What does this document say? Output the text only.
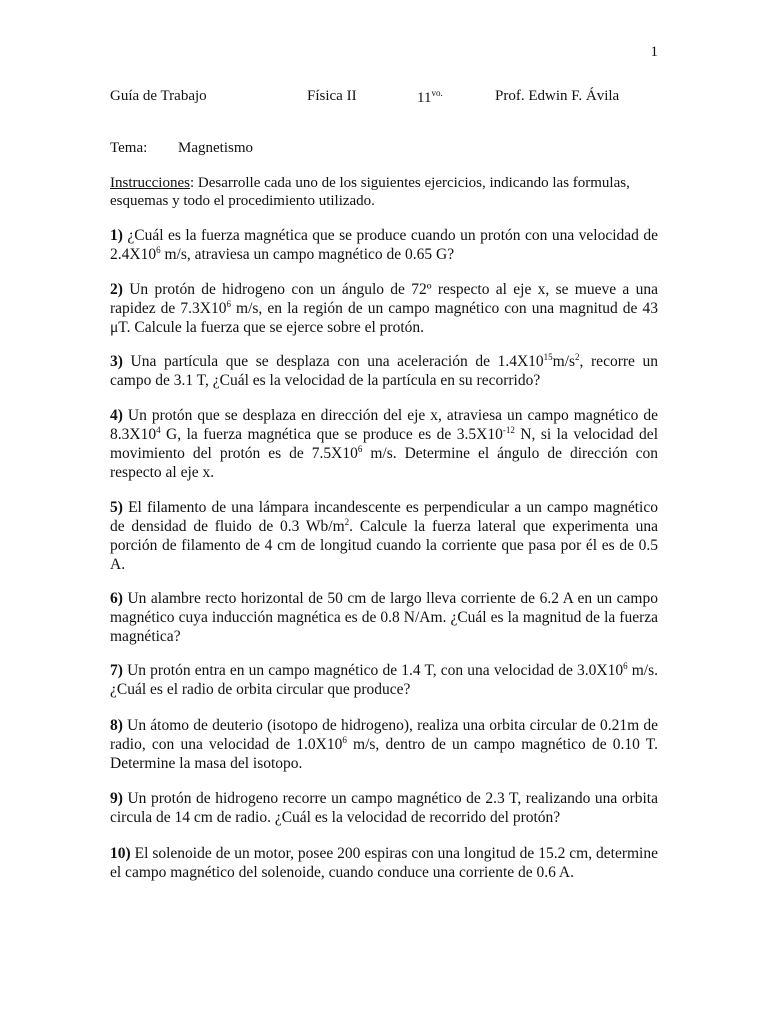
1
Guía de Trabajo	Física II	$11^{vo.}$	Prof. Edwin F. Ávila
Tema: Magnetismo
Instrucciones: Desarrolle cada uno de los siguientes ejercicios, indicando las formulas, esquemas y todo el procedimiento utilizado.
1) ¿Cuál es la fuerza magnética que se produce cuando un protón con una velocidad de $2.4X10^6$ m/s, atraviesa un campo magnético de 0.65 G?
2) Un protón de hidrogeno con un ángulo de 72º respecto al eje x, se mueve a una rapidez de $7.3X10^6$ m/s, en la región de un campo magnético con una magnitud de 43 μT. Calcule la fuerza que se ejerce sobre el protón.
3) Una partícula que se desplaza con una aceleración de $1.4X10^{15}m/s^2$, recorre un campo de 3.1 T, ¿Cuál es la velocidad de la partícula en su recorrido?
4) Un protón que se desplaza en dirección del eje x, atraviesa un campo magnético de $8.3X10^4$ G, la fuerza magnética que se produce es de $3.5X10^{-12}$ N, si la velocidad del movimiento del protón es de $7.5X10^6$ m/s. Determine el ángulo de dirección con respecto al eje x.
5) El filamento de una lámpara incandescente es perpendicular a un campo magnético de densidad de fluido de 0.3 $Wb/m^2$. Calcule la fuerza lateral que experimenta una porción de filamento de 4 cm de longitud cuando la corriente que pasa por él es de 0.5 A.
6) Un alambre recto horizontal de 50 cm de largo lleva corriente de 6.2 A en un campo magnético cuya inducción magnética es de 0.8 N/Am. ¿Cuál es la magnitud de la fuerza magnética?
7) Un protón entra en un campo magnético de 1.4 T, con una velocidad de $3.0X10^6$ m/s. ¿Cuál es el radio de orbita circular que produce?
8) Un átomo de deuterio (isotopo de hidrogeno), realiza una orbita circular de 0.21m de radio, con una velocidad de $1.0X10^6$ m/s, dentro de un campo magnético de 0.10 T. Determine la masa del isotopo.
9) Un protón de hidrogeno recorre un campo magnético de 2.3 T, realizando una orbita circula de 14 cm de radio. ¿Cuál es la velocidad de recorrido del protón?
10) El solenoide de un motor, posee 200 espiras con una longitud de 15.2 cm, determine el campo magnético del solenoide, cuando conduce una corriente de 0.6 A.
